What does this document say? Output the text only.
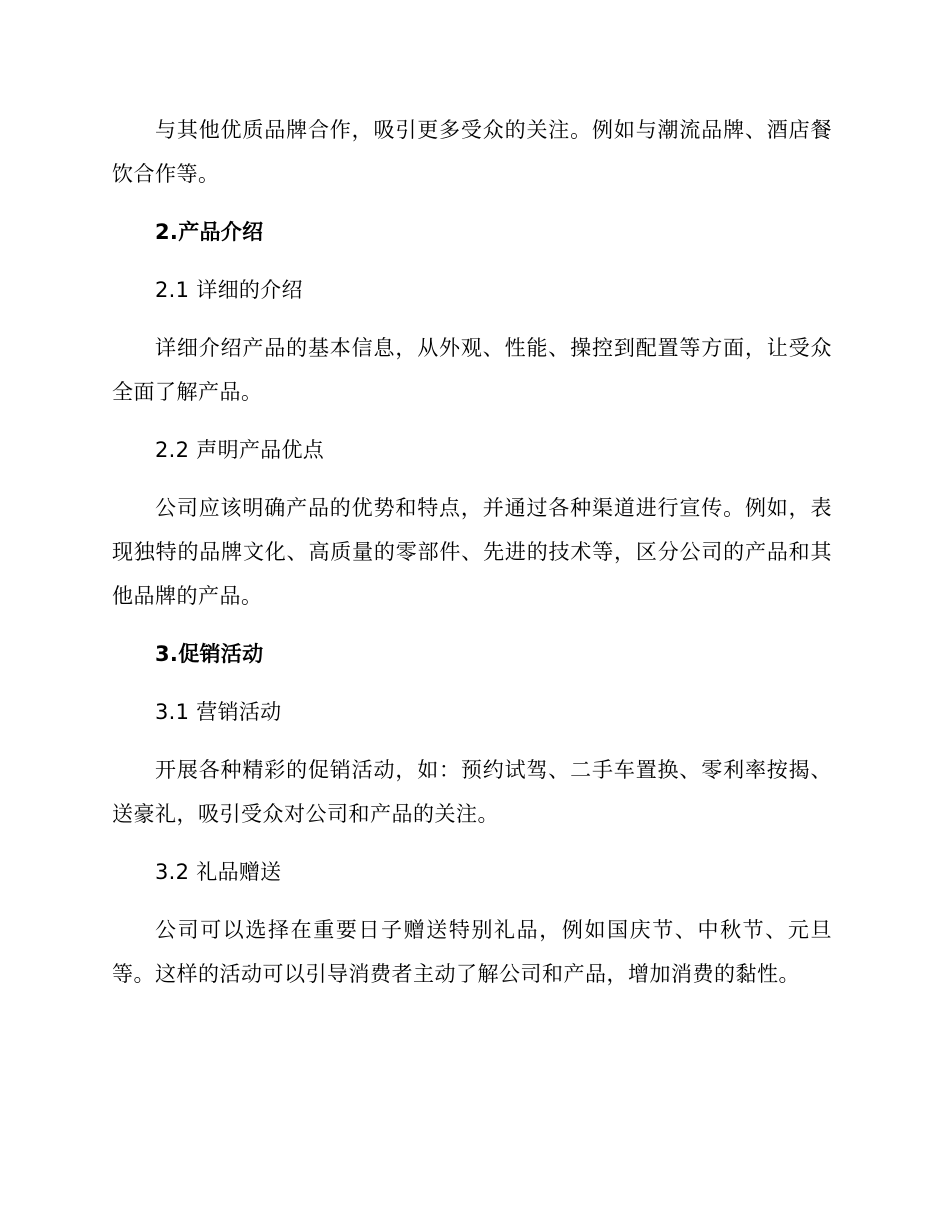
与其他优质品牌合作，吸引更多受众的关注。例如与潮流品牌、酒店餐饮合作等。

2.产品介绍

2.1 详细的介绍

详细介绍产品的基本信息，从外观、性能、操控到配置等方面，让受众全面了解产品。

2.2 声明产品优点

公司应该明确产品的优势和特点，并通过各种渠道进行宣传。例如，表现独特的品牌文化、高质量的零部件、先进的技术等，区分公司的产品和其他品牌的产品。

3.促销活动

3.1 营销活动

开展各种精彩的促销活动，如：预约试驾、二手车置换、零利率按揭、送豪礼，吸引受众对公司和产品的关注。

3.2 礼品赠送

公司可以选择在重要日子赠送特别礼品，例如国庆节、中秋节、元旦等。这样的活动可以引导消费者主动了解公司和产品，增加消费的黏性。
